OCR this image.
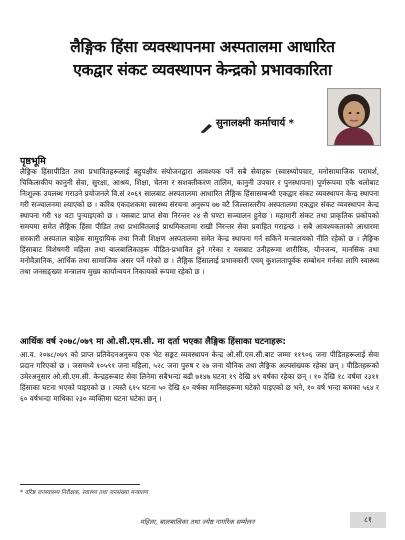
लैङ्गिक हिंसा व्यवस्थापनमा अस्पतालमा आधारित
एकद्वार संकट व्यवस्थापन केन्द्रको प्रभावकारिता
सुनालक्ष्मी कर्माचार्य *
पृष्ठभूमि

लैङ्गिक हिंसापीडित तथा प्रभावितहरूलाई बहुपक्षीय संयोजनद्वारा आवश्यक पर्ने सबै सेवाहरू (स्वास्थ्योपचार, मनोसामाजिक परामर्श, चिकित्सकीय कानुनी सेवा, सुरक्षा, आश्रय, शिक्षा, चेतना र सशक्तीकरण तालिम, कानुनी उपचार र पुनस्थापना) पूर्णरूपमा एकै थलोबाट निःशुल्क उपलब्ध गराउने प्रयोजनले वि.सं २०६९ सालबाट अस्पतालमा आधारित लैङ्गिक हिंसासम्बन्धी एकद्वार संकट व्यवस्थापन केन्द्र स्थापना गरी सञ्चालनमा ल्याएको छ । करिब एकदशकमा स्वास्थ्य संरचना अनुरूप ७७ वटै जिल्लास्तरीय अस्पतालमा एकद्वार संकट व्यवस्थापन केन्द्र स्थापना गरी ९४ वटा पुऱ्याइएको छ । यसबाट प्राप्त सेवा निरन्तर २४ सै घण्टा सञ्चालन हुनेछ । महामारी संकट तथा प्राकृतिक प्रकोपको समयमा समेत लैङ्गिक हिंसा पीडित तथा प्रभावितलाई प्राथमिकतामा राखी निरन्तर सेवा प्रवाहित गराइन्छ । सबै आवश्यकताको आधारमा सरकारी अस्पताल बाहेक सामुदायिक तथा निजी शिक्षण अस्पतालमा समेत केन्द्र स्थापना गर्न सकिने मन्त्रालयको नीति रहेको छ । लैङ्गिक हिंसाबाट विशेषगरी महिला तथा बालबालिकाहरू पीडित-प्रभावित हुने गरेका र यसबाट उनीहरूमा शारीरिक, यौनजन्य, मानसिक तथा मनोवैज्ञानिक, आर्थिक तथा सामाजिक असर पर्ने गरेको छ । लैङ्गिक हिंसालाई प्रभावकारी एवम् कुशलतापूर्वक सम्बोधन गर्नका लागि स्वास्थ्य तथा जनसङ्ख्या मन्त्रालय मुख्य कार्यान्वयन निकायको रूपमा रहेको छ ।

आर्थिक वर्ष २०७८/०७९ मा ओ.सी.एम.सी. मा दर्ता भएका लैङ्गिक हिंसाका घटनाहरू:

आ.व. २०७८/०७९ को प्राप्त प्रतिवेदनअनुरूप एक भेट सङ्कट व्यवस्थापन केन्द्र ओ.सी.एम.सी.बाट जम्मा ११९०६ जना पीडितहरूलाई सेवा प्रदान गरिएको छ । जसमध्ये १०५९१ जना महिला, ५२८ जना पुरुष र २७ जना यौनिक तथा लैङ्गिक अल्पसंख्यक रहेका छन् । पीडितहरूको उमेरअनुसार ओ.सी.एम.सी. केन्द्रहरूबाट सेवा लिनेमा सबैभन्दा बढी ७१४७ घटना १९ देखि ४९ वर्षका रहेका छन् । १० देखि १८ वर्षमा २३११ हिंसाका घटना भएको पाइएको छ । त्यस्तै ६१५ घटना ५० देखि ६० वर्षका मानिसहरूमा घटेको पाइएको छ भने, १० वर्ष भन्दा कमका ५६४ र ६० वर्षभन्दा माथिका २३० व्यक्तिमा घटना घटेका छन् ।

* वरिष्ठ जनस्वास्थ्य निरीक्षक, स्वास्थ्य तथा जनसंख्या मन्त्रालय
महिला, बालबालिका तथा ज्येष्ठ नागरिक सम्मेलन	८१
